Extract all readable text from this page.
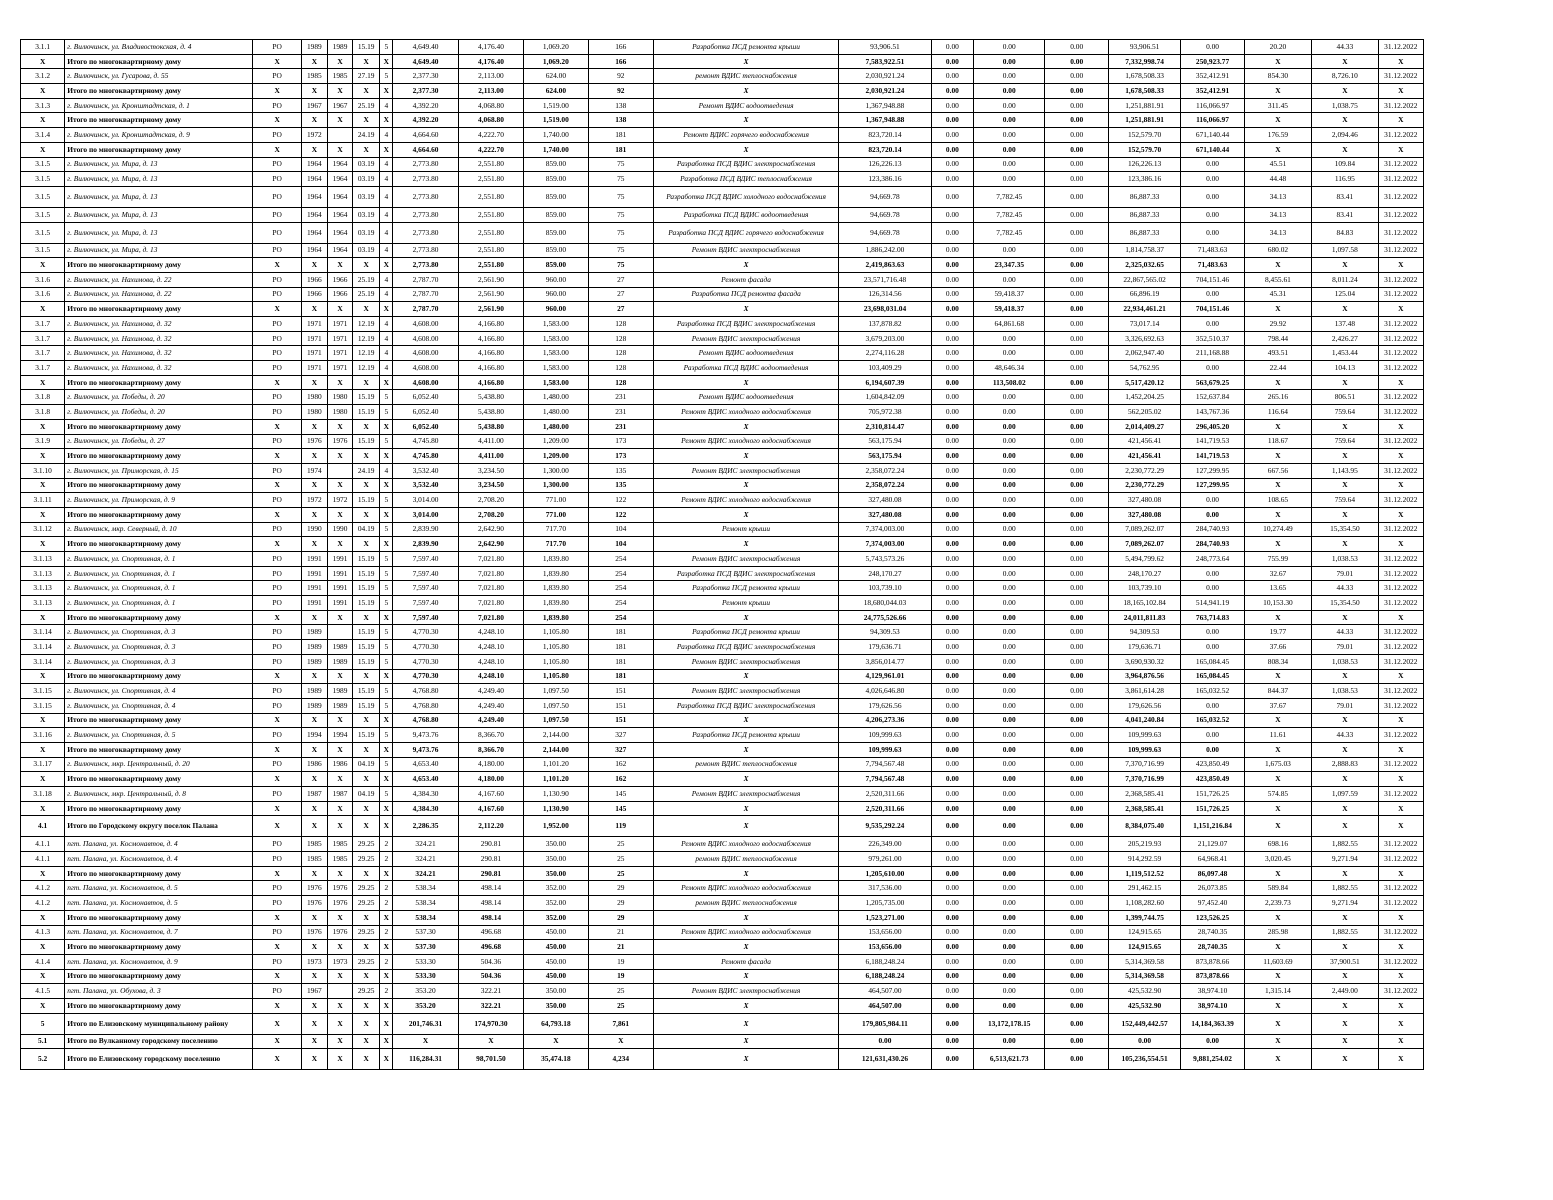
3.1.1	г. Вилючинск, ул. Владивостокская, д. 4	РО	1989	1989	15.19	5	4,649.40	4,176.40	1,069.20	166	Разработка ПСД ремонта крыши	93,906.51	0.00	0.00	0.00	93,906.51	0.00	20.20	44.33	31.12.2022
Х	Итого по многоквартирному дому	Х	Х	Х	Х	Х	4,649.40	4,176.40	1,069.20	166	Х	7,583,922.51	0.00	0.00	0.00	7,332,998.74	250,923.77	Х	Х	Х
3.1.2	г. Вилючинск, ул. Гусарова, д. 55	РО	1985	1985	27.19	5	2,377.30	2,113.00	624.00	92	ремонт ВДИС теплоснабжения	2,030,921.24	0.00	0.00	0.00	1,678,508.33	352,412.91	854.30	8,726.10	31.12.2022
Х	Итого по многоквартирному дому	Х	Х	Х	Х	Х	2,377.30	2,113.00	624.00	92	Х	2,030,921.24	0.00	0.00	0.00	1,678,508.33	352,412.91	Х	Х	Х
3.1.3	г. Вилючинск, ул. Кронштадтская, д. 1	РО	1967	1967	25.19	4	4,392.20	4,068.80	1,519.00	138	Ремонт ВДИС водоотведения	1,367,948.88	0.00	0.00	0.00	1,251,881.91	116,066.97	311.45	1,038.75	31.12.2022
Х	Итого по многоквартирному дому	Х	Х	Х	Х	Х	4,392.20	4,068.80	1,519.00	138	Х	1,367,948.88	0.00	0.00	0.00	1,251,881.91	116,066.97	Х	Х	Х
3.1.4	г. Вилючинск, ул. Кронштадтская, д. 9	РО	1972		24.19	4	4,664.60	4,222.70	1,740.00	181	Ремонт ВДИС горячего водоснабжения	823,720.14	0.00	0.00	0.00	152,579.70	671,140.44	176.59	2,094.46	31.12.2022
Х	Итого по многоквартирному дому	Х	Х	Х	Х	Х	4,664.60	4,222.70	1,740.00	181	Х	823,720.14	0.00	0.00	0.00	152,579.70	671,140.44	Х	Х	Х
3.1.5	г. Вилючинск, ул. Мира, д. 13	РО	1964	1964	03.19	4	2,773.80	2,551.80	859.00	75	Разработка ПСД ВДИС электроснабжения	126,226.13	0.00	0.00	0.00	126,226.13	0.00	45.51	109.84	31.12.2022
3.1.5	г. Вилючинск, ул. Мира, д. 13	РО	1964	1964	03.19	4	2,773.80	2,551.80	859.00	75	Разработка ПСД ВДИС теплоснабжения	123,386.16	0.00	0.00	0.00	123,386.16	0.00	44.48	116.95	31.12.2022
3.1.5	г. Вилючинск, ул. Мира, д. 13	РО	1964	1964	03.19	4	2,773.80	2,551.80	859.00	75	Разработка ПСД ВДИС холодного водоснабжения	94,669.78	0.00	7,782.45	0.00	86,887.33	0.00	34.13	83.41	31.12.2022
3.1.5	г. Вилючинск, ул. Мира, д. 13	РО	1964	1964	03.19	4	2,773.80	2,551.80	859.00	75	Разработка ПСД ВДИС водоотведения	94,669.78	0.00	7,782.45	0.00	86,887.33	0.00	34.13	83.41	31.12.2022
3.1.5	г. Вилючинск, ул. Мира, д. 13	РО	1964	1964	03.19	4	2,773.80	2,551.80	859.00	75	Разработка ПСД ВДИС горячего водоснабжения	94,669.78	0.00	7,782.45	0.00	86,887.33	0.00	34.13	84.83	31.12.2022
3.1.5	г. Вилючинск, ул. Мира, д. 13	РО	1964	1964	03.19	4	2,773.80	2,551.80	859.00	75	Ремонт ВДИС электроснабжения	1,886,242.00	0.00	0.00	0.00	1,814,758.37	71,483.63	680.02	1,097.58	31.12.2022
Х	Итого по многоквартирному дому	Х	Х	Х	Х	Х	2,773.80	2,551.80	859.00	75	Х	2,419,863.63	0.00	23,347.35	0.00	2,325,032.65	71,483.63	Х	Х	Х
3.1.6	г. Вилючинск, ул. Нахимова, д. 22	РО	1966	1966	25.19	4	2,787.70	2,561.90	960.00	27	Ремонт фасада	23,571,716.48	0.00	0.00	0.00	22,867,565.02	704,151.46	8,455.61	8,011.24	31.12.2022
3.1.6	г. Вилючинск, ул. Нахимова, д. 22	РО	1966	1966	25.19	4	2,787.70	2,561.90	960.00	27	Разработка ПСД ремонта фасада	126,314.56	0.00	59,418.37	0.00	66,896.19	0.00	45.31	125.04	31.12.2022
Х	Итого по многоквартирному дому	Х	Х	Х	Х	Х	2,787.70	2,561.90	960.00	27	Х	23,698,031.04	0.00	59,418.37	0.00	22,934,461.21	704,151.46	Х	Х	Х
3.1.7	г. Вилючинск, ул. Нахимова, д. 32	РО	1971	1971	12.19	4	4,608.00	4,166.80	1,583.00	128	Разработка ПСД ВДИС электроснабжения	137,878.82	0.00	64,861.68	0.00	73,017.14	0.00	29.92	137.48	31.12.2022
3.1.7	г. Вилючинск, ул. Нахимова, д. 32	РО	1971	1971	12.19	4	4,608.00	4,166.80	1,583.00	128	Ремонт ВДИС электроснабжения	3,679,203.00	0.00	0.00	0.00	3,326,692.63	352,510.37	798.44	2,426.27	31.12.2022
3.1.7	г. Вилючинск, ул. Нахимова, д. 32	РО	1971	1971	12.19	4	4,608.00	4,166.80	1,583.00	128	Ремонт ВДИС водоотведения	2,274,116.28	0.00	0.00	0.00	2,062,947.40	211,168.88	493.51	1,453.44	31.12.2022
3.1.7	г. Вилючинск, ул. Нахимова, д. 32	РО	1971	1971	12.19	4	4,608.00	4,166.80	1,583.00	128	Разработка ПСД ВДИС водоотведения	103,409.29	0.00	48,646.34	0.00	54,762.95	0.00	22.44	104.13	31.12.2022
Х	Итого по многоквартирному дому	Х	Х	Х	Х	Х	4,608.00	4,166.80	1,583.00	128	Х	6,194,607.39	0.00	113,508.02	0.00	5,517,420.12	563,679.25	Х	Х	Х
3.1.8	г. Вилючинск, ул. Победы, д. 20	РО	1980	1980	15.19	5	6,052.40	5,438.80	1,480.00	231	Ремонт ВДИС водоотведения	1,604,842.09	0.00	0.00	0.00	1,452,204.25	152,637.84	265.16	806.51	31.12.2022
3.1.8	г. Вилючинск, ул. Победы, д. 20	РО	1980	1980	15.19	5	6,052.40	5,438.80	1,480.00	231	Ремонт ВДИС холодного водоснабжения	705,972.38	0.00	0.00	0.00	562,205.02	143,767.36	116.64	759.64	31.12.2022
Х	Итого по многоквартирному дому	Х	Х	Х	Х	Х	6,052.40	5,438.80	1,480.00	231	Х	2,310,814.47	0.00	0.00	0.00	2,014,409.27	296,405.20	Х	Х	Х
3.1.9	г. Вилючинск, ул. Победы, д. 27	РО	1976	1976	15.19	5	4,745.80	4,411.00	1,209.00	173	Ремонт ВДИС холодного водоснабжения	563,175.94	0.00	0.00	0.00	421,456.41	141,719.53	118.67	759.64	31.12.2022
Х	Итого по многоквартирному дому	Х	Х	Х	Х	Х	4,745.80	4,411.00	1,209.00	173	Х	563,175.94	0.00	0.00	0.00	421,456.41	141,719.53	Х	Х	Х
3.1.10	г. Вилючинск, ул. Приморская, д. 15	РО	1974		24.19	4	3,532.40	3,234.50	1,300.00	135	Ремонт ВДИС электроснабжения	2,358,072.24	0.00	0.00	0.00	2,230,772.29	127,299.95	667.56	1,143.95	31.12.2022
Х	Итого по многоквартирному дому	Х	Х	Х	Х	Х	3,532.40	3,234.50	1,300.00	135	Х	2,358,072.24	0.00	0.00	0.00	2,230,772.29	127,299.95	Х	Х	Х
3.1.11	г. Вилючинск, ул. Приморская, д. 9	РО	1972	1972	15.19	5	3,014.00	2,708.20	771.00	122	Ремонт ВДИС холодного водоснабжения	327,480.08	0.00	0.00	0.00	327,480.08	0.00	108.65	759.64	31.12.2022
Х	Итого по многоквартирному дому	Х	Х	Х	Х	Х	3,014.00	2,708.20	771.00	122	Х	327,480.08	0.00	0.00	0.00	327,480.08	0.00	Х	Х	Х
3.1.12	г. Вилючинск, мкр. Северный, д. 10	РО	1990	1990	04.19	5	2,839.90	2,642.90	717.70	104	Ремонт крыши	7,374,003.00	0.00	0.00	0.00	7,089,262.07	284,740.93	10,274.49	15,354.50	31.12.2022
Х	Итого по многоквартирному дому	Х	Х	Х	Х	Х	2,839.90	2,642.90	717.70	104	Х	7,374,003.00	0.00	0.00	0.00	7,089,262.07	284,740.93	Х	Х	Х
3.1.13	г. Вилючинск, ул. Спортивная, д. 1	РО	1991	1991	15.19	5	7,597.40	7,021.80	1,839.80	254	Ремонт ВДИС электроснабжения	5,743,573.26	0.00	0.00	0.00	5,494,799.62	248,773.64	755.99	1,038.53	31.12.2022
3.1.13	г. Вилючинск, ул. Спортивная, д. 1	РО	1991	1991	15.19	5	7,597.40	7,021.80	1,839.80	254	Разработка ПСД ВДИС электроснабжения	248,170.27	0.00	0.00	0.00	248,170.27	0.00	32.67	79.01	31.12.2022
3.1.13	г. Вилючинск, ул. Спортивная, д. 1	РО	1991	1991	15.19	5	7,597.40	7,021.80	1,839.80	254	Разработка ПСД ремонта крыши	103,739.10	0.00	0.00	0.00	103,739.10	0.00	13.65	44.33	31.12.2022
3.1.13	г. Вилючинск, ул. Спортивная, д. 1	РО	1991	1991	15.19	5	7,597.40	7,021.80	1,839.80	254	Ремонт крыши	18,680,044.03	0.00	0.00	0.00	18,165,102.84	514,941.19	10,153.30	15,354.50	31.12.2022
Х	Итого по многоквартирному дому	Х	Х	Х	Х	Х	7,597.40	7,021.80	1,839.80	254	Х	24,775,526.66	0.00	0.00	0.00	24,011,811.83	763,714.83	Х	Х	Х
3.1.14	г. Вилючинск, ул. Спортивная, д. 3	РО	1989		15.19	5	4,770.30	4,248.10	1,105.80	181	Разработка ПСД ремонта крыши	94,309.53	0.00	0.00	0.00	94,309.53	0.00	19.77	44.33	31.12.2022
3.1.14	г. Вилючинск, ул. Спортивная, д. 3	РО	1989	1989	15.19	5	4,770.30	4,248.10	1,105.80	181	Разработка ПСД ВДИС электроснабжения	179,636.71	0.00	0.00	0.00	179,636.71	0.00	37.66	79.01	31.12.2022
3.1.14	г. Вилючинск, ул. Спортивная, д. 3	РО	1989	1989	15.19	5	4,770.30	4,248.10	1,105.80	181	Ремонт ВДИС электроснабжения	3,856,014.77	0.00	0.00	0.00	3,690,930.32	165,084.45	808.34	1,038.53	31.12.2022
Х	Итого по многоквартирному дому	Х	Х	Х	Х	Х	4,770.30	4,248.10	1,105.80	181	Х	4,129,961.01	0.00	0.00	0.00	3,964,876.56	165,084.45	Х	Х	Х
3.1.15	г. Вилючинск, ул. Спортивная, д. 4	РО	1989	1989	15.19	5	4,768.80	4,249.40	1,097.50	151	Ремонт ВДИС электроснабжения	4,026,646.80	0.00	0.00	0.00	3,861,614.28	165,032.52	844.37	1,038.53	31.12.2022
3.1.15	г. Вилючинск, ул. Спортивная, д. 4	РО	1989	1989	15.19	5	4,768.80	4,249.40	1,097.50	151	Разработка ПСД ВДИС электроснабжения	179,626.56	0.00	0.00	0.00	179,626.56	0.00	37.67	79.01	31.12.2022
Х	Итого по многоквартирному дому	Х	Х	Х	Х	Х	4,768.80	4,249.40	1,097.50	151	Х	4,206,273.36	0.00	0.00	0.00	4,041,240.84	165,032.52	Х	Х	Х
3.1.16	г. Вилючинск, ул. Спортивная, д. 5	РО	1994	1994	15.19	5	9,473.76	8,366.70	2,144.00	327	Разработка ПСД ремонта крыши	109,999.63	0.00	0.00	0.00	109,999.63	0.00	11.61	44.33	31.12.2022
Х	Итого по многоквартирному дому	Х	Х	Х	Х	Х	9,473.76	8,366.70	2,144.00	327	Х	109,999.63	0.00	0.00	0.00	109,999.63	0.00	Х	Х	Х
3.1.17	г. Вилючинск, мкр. Центральный, д. 20	РО	1986	1986	04.19	5	4,653.40	4,180.00	1,101.20	162	ремонт ВДИС теплоснабжения	7,794,567.48	0.00	0.00	0.00	7,370,716.99	423,850.49	1,675.03	2,888.83	31.12.2022
Х	Итого по многоквартирному дому	Х	Х	Х	Х	Х	4,653.40	4,180.00	1,101.20	162	Х	7,794,567.48	0.00	0.00	0.00	7,370,716.99	423,850.49	Х	Х	Х
3.1.18	г. Вилючинск, мкр. Центральный, д. 8	РО	1987	1987	04.19	5	4,384.30	4,167.60	1,130.90	145	Ремонт ВДИС электроснабжения	2,520,311.66	0.00	0.00	0.00	2,368,585.41	151,726.25	574.85	1,097.59	31.12.2022
Х	Итого по многоквартирному дому	Х	Х	Х	Х	Х	4,384.30	4,167.60	1,130.90	145	Х	2,520,311.66	0.00	0.00	0.00	2,368,585.41	151,726.25	Х	Х	Х
4.1	Итого по Городскому округу поселок Палана	Х	Х	Х	Х	Х	2,286.35	2,112.20	1,952.00	119	Х	9,535,292.24	0.00	0.00	0.00	8,384,075.40	1,151,216.84	Х	Х	Х
4.1.1	пгт. Палана, ул. Космонавтов, д. 4	РО	1985	1985	29.25	2	324.21	290.81	350.00	25	Ремонт ВДИС холодного водоснабжения	226,349.00	0.00	0.00	0.00	205,219.93	21,129.07	698.16	1,882.55	31.12.2022
4.1.1	пгт. Палана, ул. Космонавтов, д. 4	РО	1985	1985	29.25	2	324.21	290.81	350.00	25	ремонт ВДИС теплоснабжения	979,261.00	0.00	0.00	0.00	914,292.59	64,968.41	3,020.45	9,271.94	31.12.2022
Х	Итого по многоквартирному дому	Х	Х	Х	Х	Х	324.21	290.81	350.00	25	Х	1,205,610.00	0.00	0.00	0.00	1,119,512.52	86,097.48	Х	Х	Х
4.1.2	пгт. Палана, ул. Космонавтов, д. 5	РО	1976	1976	29.25	2	538.34	498.14	352.00	29	Ремонт ВДИС холодного водоснабжения	317,536.00	0.00	0.00	0.00	291,462.15	26,073.85	589.84	1,882.55	31.12.2022
4.1.2	пгт. Палана, ул. Космонавтов, д. 5	РО	1976	1976	29.25	2	538.34	498.14	352.00	29	ремонт ВДИС теплоснабжения	1,205,735.00	0.00	0.00	0.00	1,108,282.60	97,452.40	2,239.73	9,271.94	31.12.2022
Х	Итого по многоквартирному дому	Х	Х	Х	Х	Х	538.34	498.14	352.00	29	Х	1,523,271.00	0.00	0.00	0.00	1,399,744.75	123,526.25	Х	Х	Х
4.1.3	пгт. Палана, ул. Космонавтов, д. 7	РО	1976	1976	29.25	2	537.30	496.68	450.00	21	Ремонт ВДИС холодного водоснабжения	153,656.00	0.00	0.00	0.00	124,915.65	28,740.35	285.98	1,882.55	31.12.2022
Х	Итого по многоквартирному дому	Х	Х	Х	Х	Х	537.30	496.68	450.00	21	Х	153,656.00	0.00	0.00	0.00	124,915.65	28,740.35	Х	Х	Х
4.1.4	пгт. Палана, ул. Космонавтов, д. 9	РО	1973	1973	29.25	2	533.30	504.36	450.00	19	Ремонт фасада	6,188,248.24	0.00	0.00	0.00	5,314,369.58	873,878.66	11,603.69	37,900.51	31.12.2022
Х	Итого по многоквартирному дому	Х	Х	Х	Х	Х	533.30	504.36	450.00	19	Х	6,188,248.24	0.00	0.00	0.00	5,314,369.58	873,878.66	Х	Х	Х
4.1.5	пгт. Палана, ул. Обухова, д. 3	РО	1967		29.25	2	353.20	322.21	350.00	25	Ремонт ВДИС электроснабжения	464,507.00	0.00	0.00	0.00	425,532.90	38,974.10	1,315.14	2,449.00	31.12.2022
Х	Итого по многоквартирному дому	Х	Х	Х	Х	Х	353.20	322.21	350.00	25	Х	464,507.00	0.00	0.00	0.00	425,532.90	38,974.10	Х	Х	Х
5	Итого по Елизовскому муниципальному району	Х	Х	Х	Х	Х	201,746.31	174,970.30	64,793.18	7,861	Х	179,805,984.11	0.00	13,172,178.15	0.00	152,449,442.57	14,184,363.39	Х	Х	Х
5.1	Итого по Вулканному городскому поселению	Х	Х	Х	Х	Х	Х	Х	Х	Х	Х	0.00	0.00	0.00	0.00	0.00	0.00	Х	Х	Х
5.2	Итого по Елизовскому городскому поселению	Х	Х	Х	Х	Х	116,284.31	98,701.50	35,474.18	4,234	Х	121,631,430.26	0.00	6,513,621.73	0.00	105,236,554.51	9,881,254.02	Х	Х	Х
